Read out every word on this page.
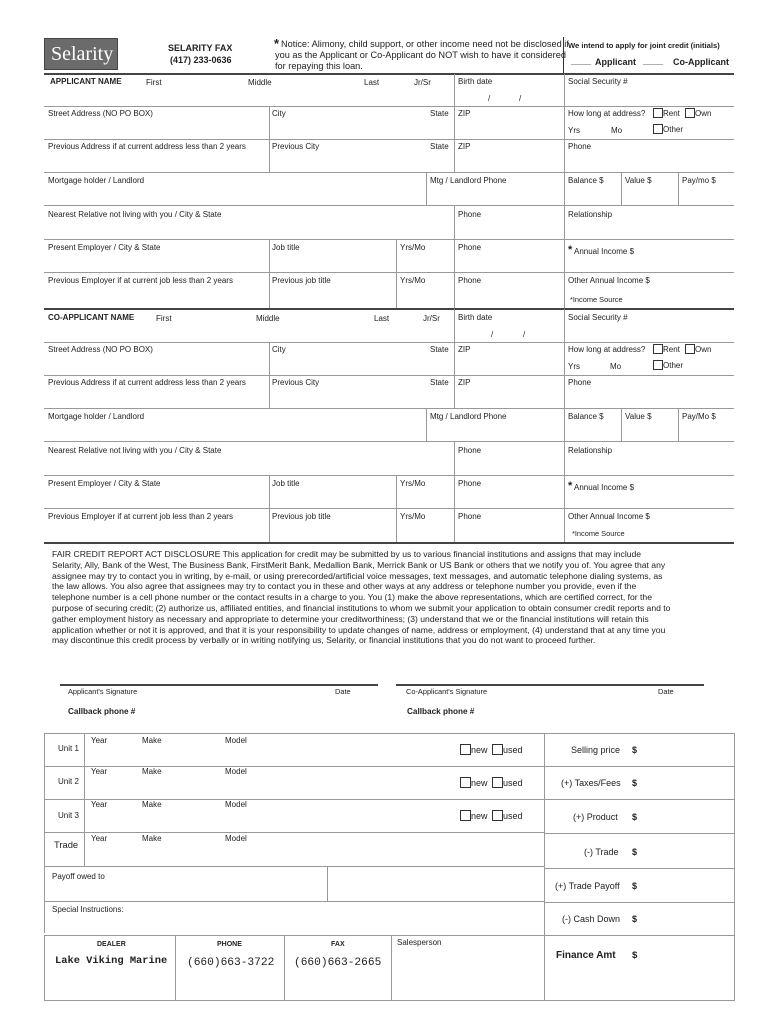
Selarity	SELARITY FAX
(417) 233-0636
* Notice: Alimony, child support, or other income need not be disclosed if
you as the Applicant or Co-Applicant do NOT wish to have it considered
for repaying this loan.
We intend to apply for joint credit (initials)
____ Applicant ____ Co-Applicant
APPLICANT NAME	First	Middle	Last	Jr/Sr	Birth date
/	/
Social Security #
Street Address (NO PO BOX)	City	State ZIP	How long at address? Rent Own
Yrs	Mo	Other
Previous Address if at current address less than 2 years	Previous City	State ZIP	Phone
Mortgage holder / Landlord	Mtg / Landlord Phone	Balance $	Value $	Pay/mo $
Nearest Relative not living with you / City & State	Phone	Relationship
Present Employer / City & State	Job title	Yrs/Mo	Phone	* Annual Income $
Previous Employer if at current job less than 2 years	Previous job title	Yrs/Mo	Phone	Other Annual Income $
*Income Source
CO-APPLICANT NAME	First	Middle	Last	Jr/Sr Birth date
/	/
Social Security #
Street Address (NO PO BOX)	City	State ZIP	How long at address? Rent Own
Yrs	Mo	Other
Previous Address if at current address less than 2 years	Previous City	State ZIP	Phone
Mortgage holder / Landlord	Mtg / Landlord Phone	Balance $	Value $	Pay/Mo $
Nearest Relative not living with you / City & State	Phone	Relationship
Present Employer / City & State	Job title	Yrs/Mo	Phone	* Annual Income $
Previous Employer if at current job less than 2 years	Previous job title	Yrs/Mo	Phone	Other Annual Income $
*Income Source
FAIR CREDIT REPORT ACT DISCLOSURE This application for credit may be submitted by us to various financial institutions and assigns that may include
Selarity, Ally, Bank of the West, The Business Bank, FirstMerit Bank, Medallion Bank, Merrick Bank or US Bank or others that we notify you of. You agree that any
assignee may try to contact you in writing, by e-mail, or using prerecorded/artificial voice messages, text messages, and automatic telephone dialing systems, as
the law allows. You also agree that assignees may try to contact you in these and other ways at any address or telephone number you provide, even if the
telephone number is a cell phone number or the contact results in a charge to you. You (1) make the above representations, which are certified correct, for the
purpose of securing credit; (2) authorize us, affiliated entities, and financial institutions to whom we submit your application to obtain consumer credit reports and to
gather employment history as necessary and appropriate to determine your creditworthiness; (3) understand that we or the financial institutions will retain this
application whether or not it is approved, and that it is your responsibility to update changes of name, address or employment, (4) understand that at any time you
may discontinue this credit process by verbally or in writing notifying us, Selarity, or financial institutions that you do not want to proceed further.
Applicant's Signature	Date	Co-Applicant's Signature	Date
Callback phone #	Callback phone #
Unit 1
Year	Make	Model
new used
Unit 2
Year	Make	Model
new used
Unit 3
Year	Make	Model
new used
Trade
Year	Make	Model
Payoff owed to
Special Instructions:
Selling price $
(+) Taxes/Fees $
(+) Product $
(-) Trade $
(+) Trade Payoff $
(-) Cash Down $
Finance Amt $
DEALER	PHONE	FAX	Salesperson
Lake Viking Marine (660)663-3722 (660)663-2665
